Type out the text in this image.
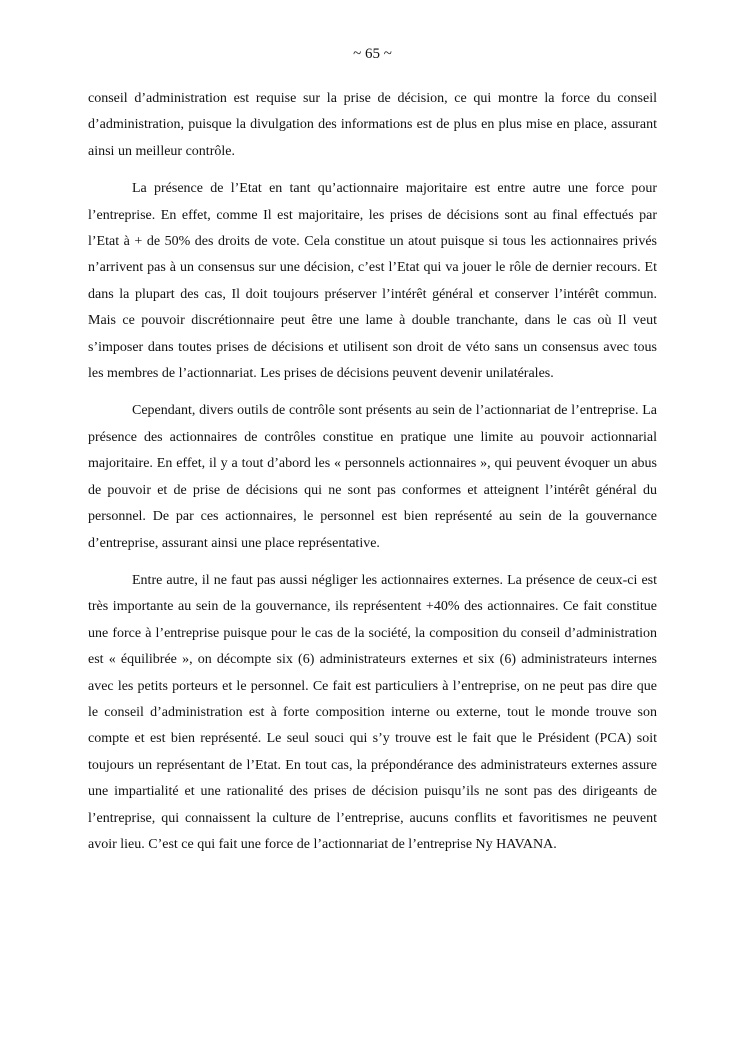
~ 65 ~

conseil d’administration est requise sur la prise de décision, ce qui montre la force du conseil d’administration, puisque la divulgation des informations est de plus en plus mise en place, assurant ainsi un meilleur contrôle.

La présence de l’Etat en tant qu’actionnaire majoritaire est entre autre une force pour l’entreprise. En effet, comme Il est majoritaire, les prises de décisions sont au final effectués par l’Etat à + de 50% des droits de vote. Cela constitue un atout puisque si tous les actionnaires privés n’arrivent pas à un consensus sur une décision, c’est l’Etat qui va jouer le rôle de dernier recours. Et dans la plupart des cas, Il doit toujours préserver l’intérêt général et conserver l’intérêt commun. Mais ce pouvoir discrétionnaire peut être une lame à double tranchante, dans le cas où Il veut s’imposer dans toutes prises de décisions et utilisent son droit de véto sans un consensus avec tous les membres de l’actionnariat. Les prises de décisions peuvent devenir unilatérales.

Cependant, divers outils de contrôle sont présents au sein de l’actionnariat de l’entreprise. La présence des actionnaires de contrôles constitue en pratique une limite au pouvoir actionnarial majoritaire. En effet, il y a tout d’abord les « personnels actionnaires », qui peuvent évoquer un abus de pouvoir et de prise de décisions qui ne sont pas conformes et atteignent l’intérêt général du personnel. De par ces actionnaires, le personnel est bien représenté au sein de la gouvernance d’entreprise, assurant ainsi une place représentative.

Entre autre, il ne faut pas aussi négliger les actionnaires externes. La présence de ceux-ci est très importante au sein de la gouvernance, ils représentent +40% des actionnaires. Ce fait constitue une force à l’entreprise puisque pour le cas de la société, la composition du conseil d’administration est « équilibrée », on décompte six (6) administrateurs externes et six (6) administrateurs internes avec les petits porteurs et le personnel. Ce fait est particuliers à l’entreprise, on ne peut pas dire que le conseil d’administration est à forte composition interne ou externe, tout le monde trouve son compte et est bien représenté. Le seul souci qui s’y trouve est le fait que le Président (PCA) soit toujours un représentant de l’Etat. En tout cas, la prépondérance des administrateurs externes assure une impartialité et une rationalité des prises de décision puisqu’ils ne sont pas des dirigeants de l’entreprise, qui connaissent la culture de l’entreprise, aucuns conflits et favoritismes ne peuvent avoir lieu. C’est ce qui fait une force de l’actionnariat de l’entreprise Ny HAVANA.
